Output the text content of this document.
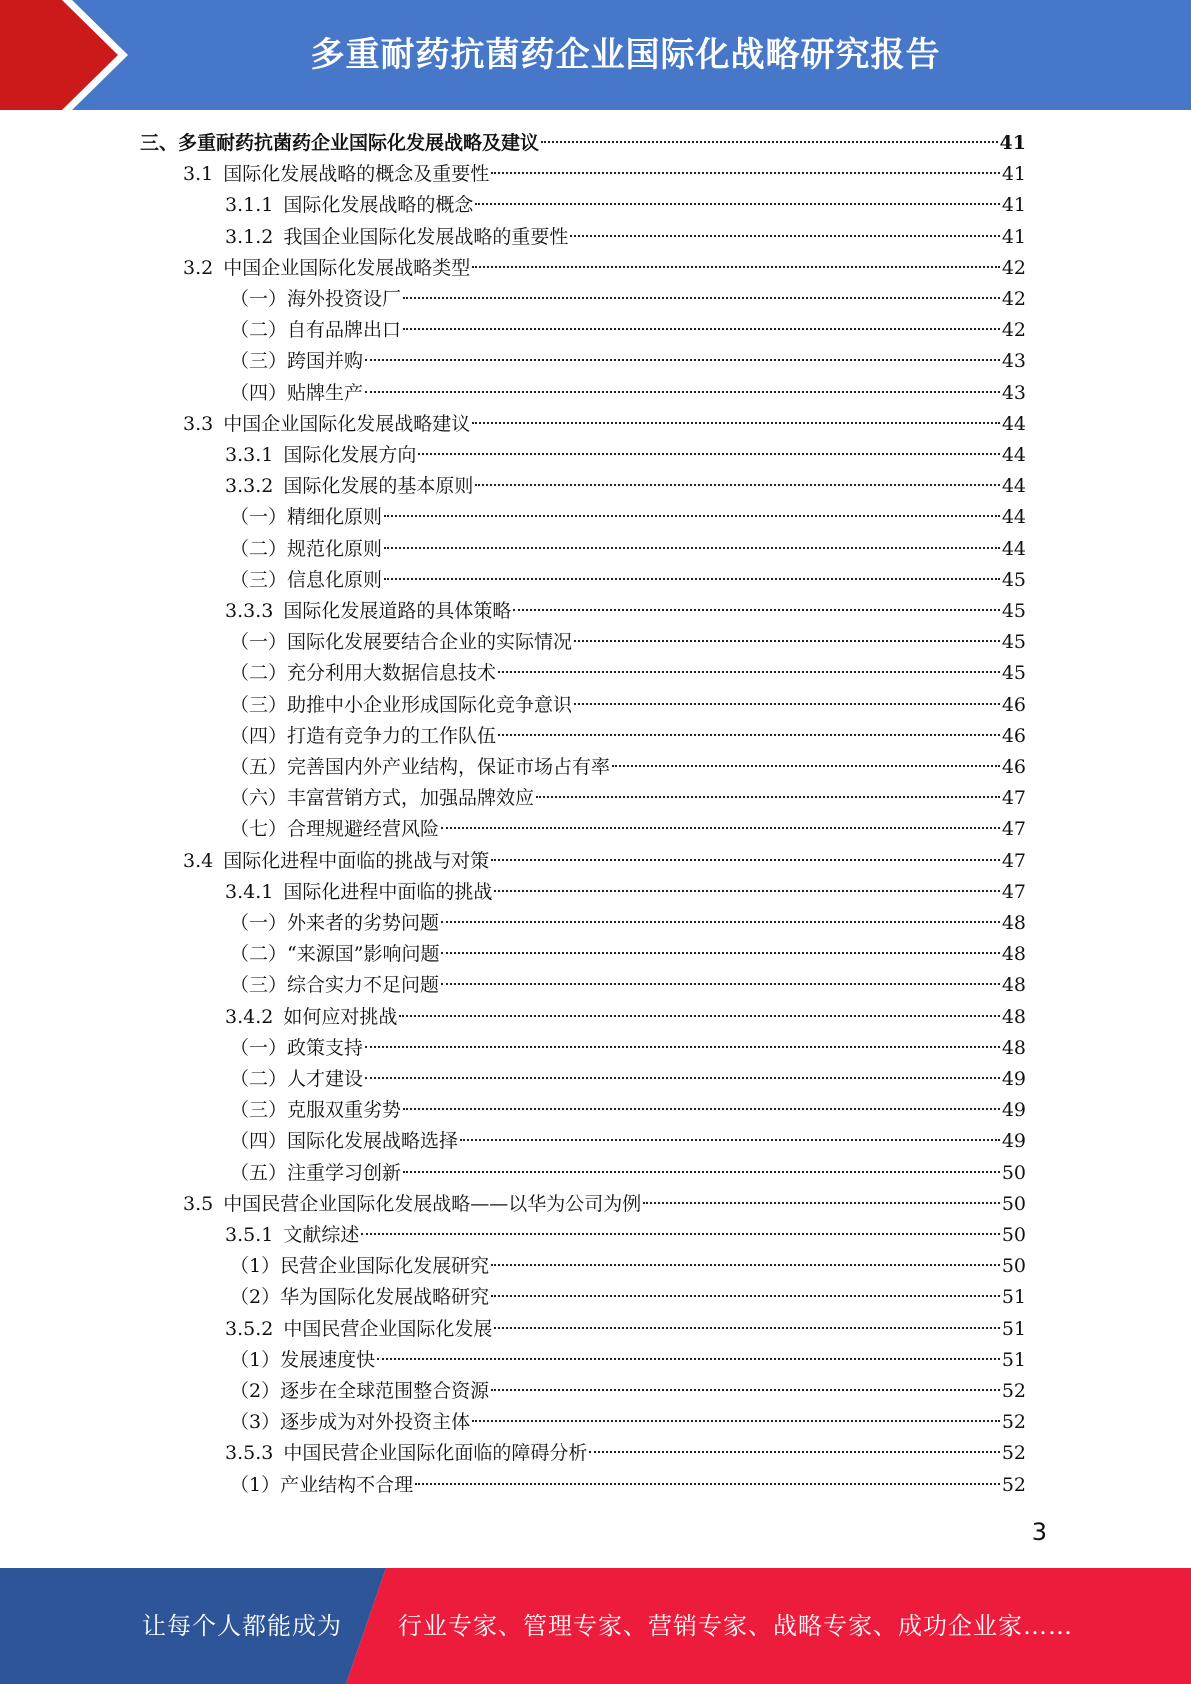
多重耐药抗菌药企业国际化战略研究报告
三、 多重耐药抗菌药企业国际化发展战略及建议	41
3.1 国际化发展战略的概念及重要性	41
3.1.1 国际化发展战略的概念	41
3.1.2 我国企业国际化发展战略的重要性	41
3.2 中国企业国际化发展战略类型	42
（一） 海外投资设厂	42
（二） 自有品牌出口	42
（三） 跨国并购	43
（四） 贴牌生产	43
3.3 中国企业国际化发展战略建议	44
3.3.1 国际化发展方向	44
3.3.2 国际化发展的基本原则	44
（一） 精细化原则	44
（二） 规范化原则	44
（三） 信息化原则	45
3.3.3 国际化发展道路的具体策略	45
（一） 国际化发展要结合企业的实际情况	45
（二） 充分利用大数据信息技术	45
（三） 助推中小企业形成国际化竞争意识	46
（四） 打造有竞争力的工作队伍	46
（五） 完善国内外产业结构，保证市场占有率	46
（六） 丰富营销方式，加强品牌效应	47
（七） 合理规避经营风险	47
3.4 国际化进程中面临的挑战与对策	47
3.4.1 国际化进程中面临的挑战	47
（一） 外来者的劣势问题	48
（二） “来源国”影响问题	48
（三） 综合实力不足问题	48
3.4.2 如何应对挑战	48
（一） 政策支持	48
（二） 人才建设	49
（三） 克服双重劣势	49
（四） 国际化发展战略选择	49
（五） 注重学习创新	50
3.5 中国民营企业国际化发展战略——以华为公司为例	50
3.5.1 文献综述	50
（1） 民营企业国际化发展研究	50
（2） 华为国际化发展战略研究	51
3.5.2 中国民营企业国际化发展	51
（1） 发展速度快	51
（2） 逐步在全球范围整合资源	52
（3） 逐步成为对外投资主体	52
3.5.3 中国民营企业国际化面临的障碍分析	52
（1） 产业结构不合理	52
3
让每个人都能成为 行业专家、管理专家、营销专家、战略专家、成功企业家……
